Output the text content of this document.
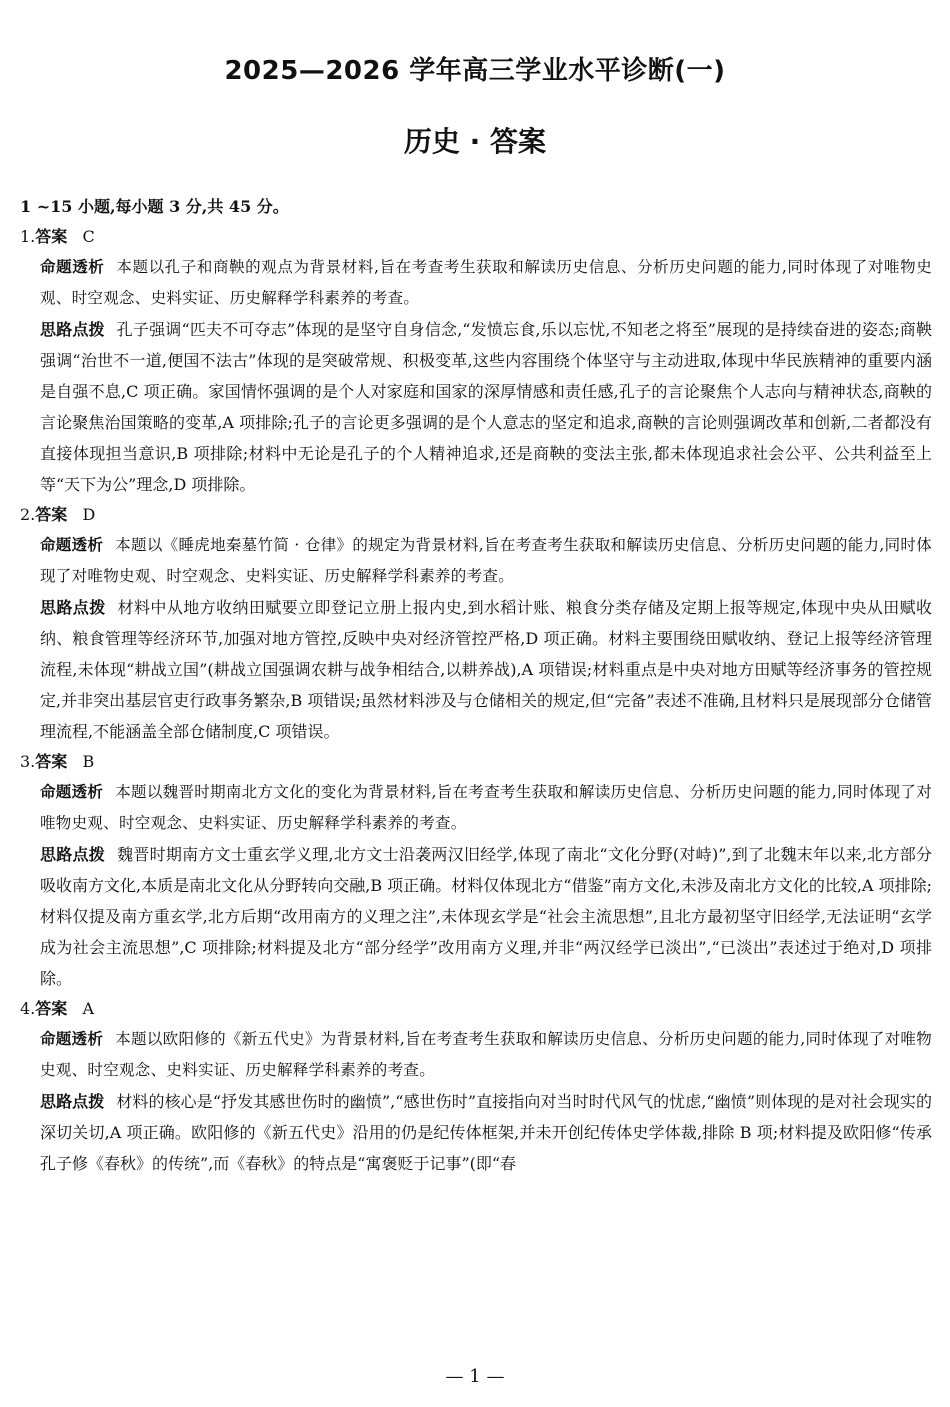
2025—2026 学年高三学业水平诊断(一)
历史 · 答案

1 ~15 小题,每小题 3 分,共 45 分。

1.答案 C

命题透析 本题以孔子和商鞅的观点为背景材料,旨在考查考生获取和解读历史信息、分析历史问题的能力,同时体现了对唯物史观、时空观念、史料实证、历史解释学科素养的考查。

思路点拨 孔子强调“匹夫不可夺志”体现的是坚守自身信念,“发愤忘食,乐以忘忧,不知老之将至”展现的是持续奋进的姿态;商鞅强调“治世不一道,便国不法古”体现的是突破常规、积极变革,这些内容围绕个体坚守与主动进取,体现中华民族精神的重要内涵是自强不息,C 项正确。家国情怀强调的是个人对家庭和国家的深厚情感和责任感,孔子的言论聚焦个人志向与精神状态,商鞅的言论聚焦治国策略的变革,A 项排除;孔子的言论更多强调的是个人意志的坚定和追求,商鞅的言论则强调改革和创新,二者都没有直接体现担当意识,B 项排除;材料中无论是孔子的个人精神追求,还是商鞅的变法主张,都未体现追求社会公平、公共利益至上等“天下为公”理念,D 项排除。

2.答案 D

命题透析 本题以《睡虎地秦墓竹简 · 仓律》的规定为背景材料,旨在考查考生获取和解读历史信息、分析历史问题的能力,同时体现了对唯物史观、时空观念、史料实证、历史解释学科素养的考查。

思路点拨 材料中从地方收纳田赋要立即登记立册上报内史,到水稻计账、粮食分类存储及定期上报等规定,体现中央从田赋收纳、粮食管理等经济环节,加强对地方管控,反映中央对经济管控严格,D 项正确。材料主要围绕田赋收纳、登记上报等经济管理流程,未体现“耕战立国”(耕战立国强调农耕与战争相结合,以耕养战),A 项错误;材料重点是中央对地方田赋等经济事务的管控规定,并非突出基层官吏行政事务繁杂,B 项错误;虽然材料涉及与仓储相关的规定,但“完备”表述不准确,且材料只是展现部分仓储管理流程,不能涵盖全部仓储制度,C 项错误。

3.答案 B

命题透析 本题以魏晋时期南北方文化的变化为背景材料,旨在考查考生获取和解读历史信息、分析历史问题的能力,同时体现了对唯物史观、时空观念、史料实证、历史解释学科素养的考查。

思路点拨 魏晋时期南方文士重玄学义理,北方文士沿袭两汉旧经学,体现了南北“文化分野(对峙)”,到了北魏末年以来,北方部分吸收南方文化,本质是南北文化从分野转向交融,B 项正确。材料仅体现北方“借鉴”南方文化,未涉及南北方文化的比较,A 项排除;材料仅提及南方重玄学,北方后期“改用南方的义理之注”,未体现玄学是“社会主流思想”,且北方最初坚守旧经学,无法证明“玄学成为社会主流思想”,C 项排除;材料提及北方“部分经学”改用南方义理,并非“两汉经学已淡出”,“已淡出”表述过于绝对,D 项排除。

4.答案 A

命题透析 本题以欧阳修的《新五代史》为背景材料,旨在考查考生获取和解读历史信息、分析历史问题的能力,同时体现了对唯物史观、时空观念、史料实证、历史解释学科素养的考查。

思路点拨 材料的核心是“抒发其感世伤时的幽愤”,“感世伤时”直接指向对当时时代风气的忧虑,“幽愤”则体现的是对社会现实的深切关切,A 项正确。欧阳修的《新五代史》沿用的仍是纪传体框架,并未开创纪传体史学体裁,排除 B 项;材料提及欧阳修“传承孔子修《春秋》的传统”,而《春秋》的特点是“寓褒贬于记事”(即“春

— 1 —
